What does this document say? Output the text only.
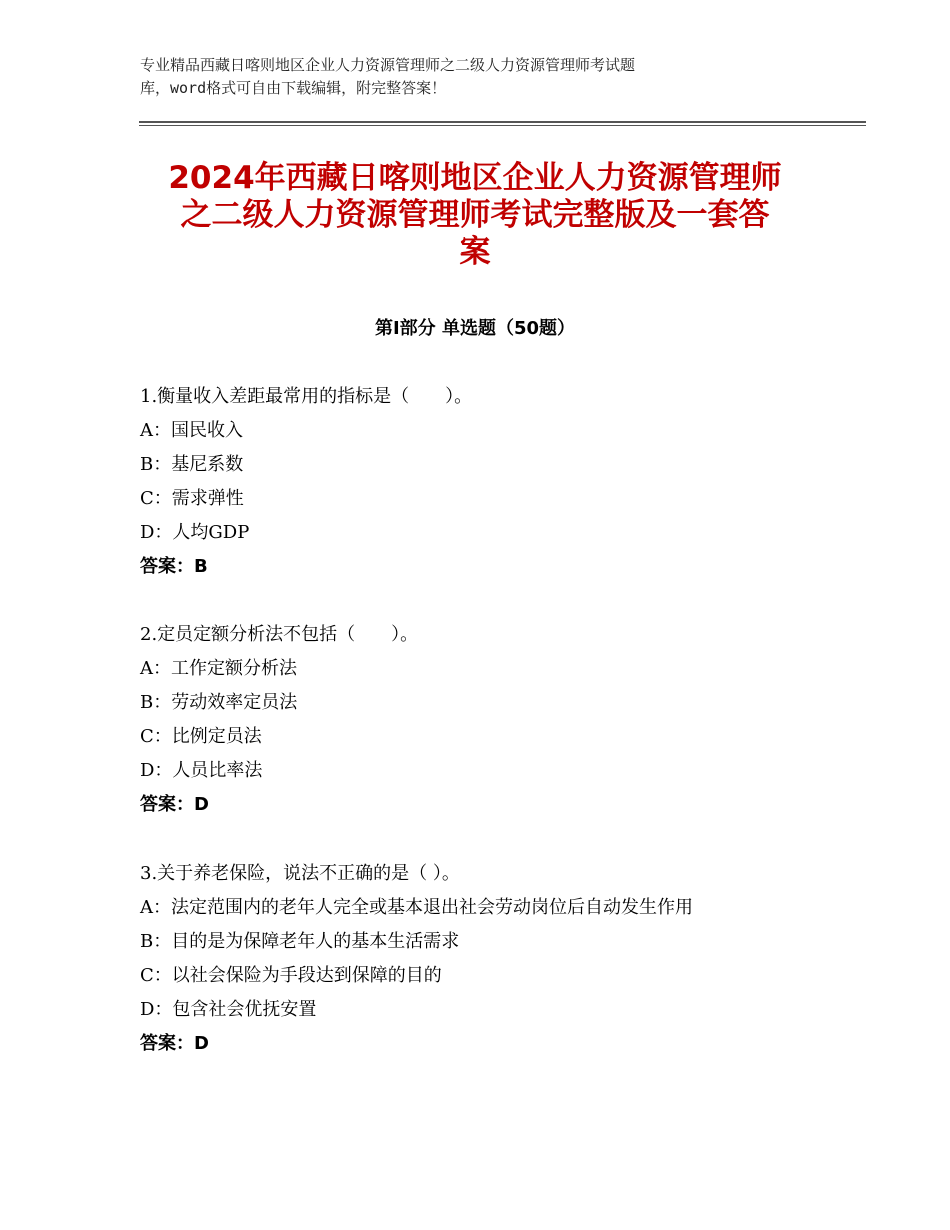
专业精品西藏日喀则地区企业人力资源管理师之二级人力资源管理师考试题
库，word格式可自由下载编辑，附完整答案！
2024年西藏日喀则地区企业人力资源管理师
之二级人力资源管理师考试完整版及一套答
案
第Ⅰ部分 单选题（50题）
1.衡量收入差距最常用的指标是（　　）。
A：国民收入
B：基尼系数
C：需求弹性
D：人均GDP
答案：B
2.定员定额分析法不包括（　　）。
A：工作定额分析法
B：劳动效率定员法
C：比例定员法
D：人员比率法
答案：D
3.关于养老保险，说法不正确的是（ ）。
A：法定范围内的老年人完全或基本退出社会劳动岗位后自动发生作用
B：目的是为保障老年人的基本生活需求
C：以社会保险为手段达到保障的目的
D：包含社会优抚安置
答案：D
